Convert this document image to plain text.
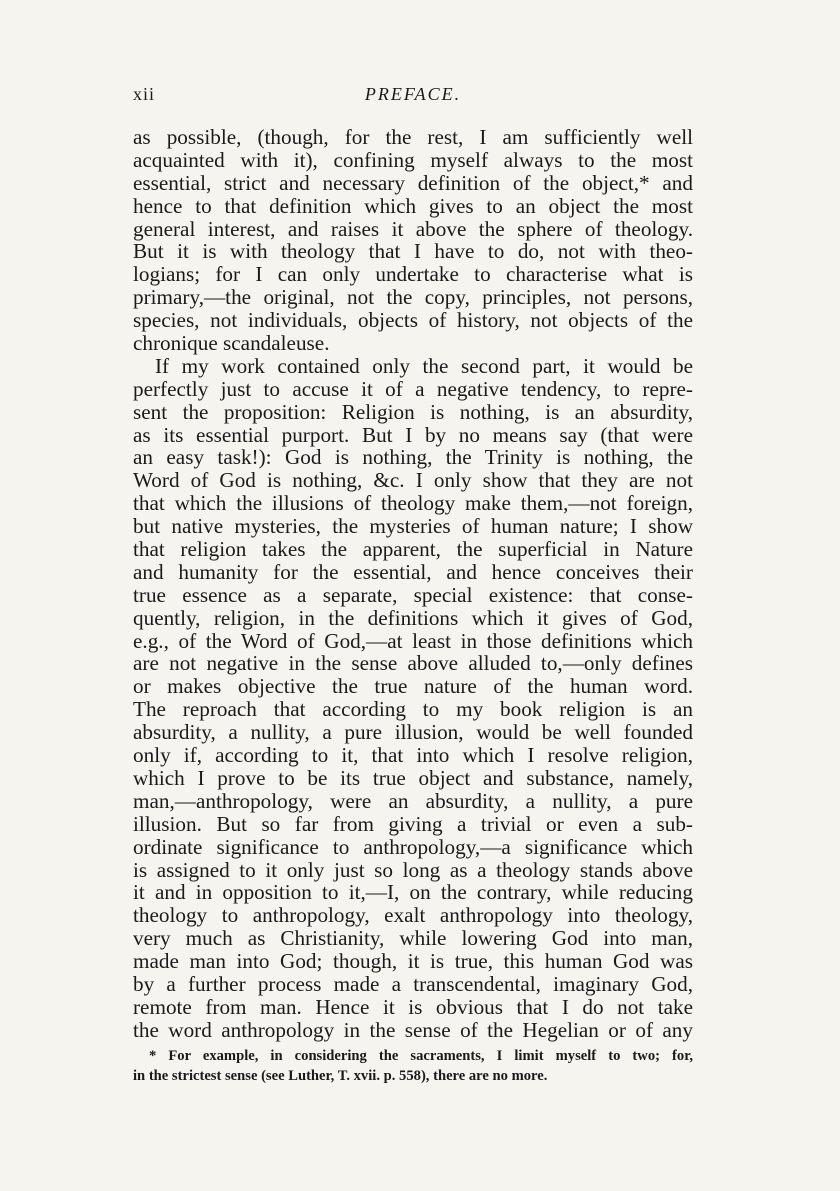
xii	PREFACE.
as possible, (though, for the rest, I am sufficiently well
acquainted with it), confining myself always to the most
essential, strict and necessary definition of the object,* and
hence to that definition which gives to an object the most
general interest, and raises it above the sphere of theology.
But it is with theology that I have to do, not with theo-
logians; for I can only undertake to characterise what is
primary,—the original, not the copy, principles, not persons,
species, not individuals, objects of history, not objects of the
chronique scandaleuse.
If my work contained only the second part, it would be
perfectly just to accuse it of a negative tendency, to repre-
sent the proposition: Religion is nothing, is an absurdity,
as its essential purport. But I by no means say (that were
an easy task!): God is nothing, the Trinity is nothing, the
Word of God is nothing, &c. I only show that they are not
that which the illusions of theology make them,—not foreign,
but native mysteries, the mysteries of human nature; I show
that religion takes the apparent, the superficial in Nature
and humanity for the essential, and hence conceives their
true essence as a separate, special existence: that conse-
quently, religion, in the definitions which it gives of God,
e.g., of the Word of God,—at least in those definitions which
are not negative in the sense above alluded to,—only defines
or makes objective the true nature of the human word.
The reproach that according to my book religion is an
absurdity, a nullity, a pure illusion, would be well founded
only if, according to it, that into which I resolve religion,
which I prove to be its true object and substance, namely,
man,—anthropology, were an absurdity, a nullity, a pure
illusion. But so far from giving a trivial or even a sub-
ordinate significance to anthropology,—a significance which
is assigned to it only just so long as a theology stands above
it and in opposition to it,—I, on the contrary, while reducing
theology to anthropology, exalt anthropology into theology,
very much as Christianity, while lowering God into man,
made man into God; though, it is true, this human God was
by a further process made a transcendental, imaginary God,
remote from man. Hence it is obvious that I do not take
the word anthropology in the sense of the Hegelian or of any
* For example, in considering the sacraments, I limit myself to two; for,
in the strictest sense (see Luther, T. xvii. p. 558), there are no more.
